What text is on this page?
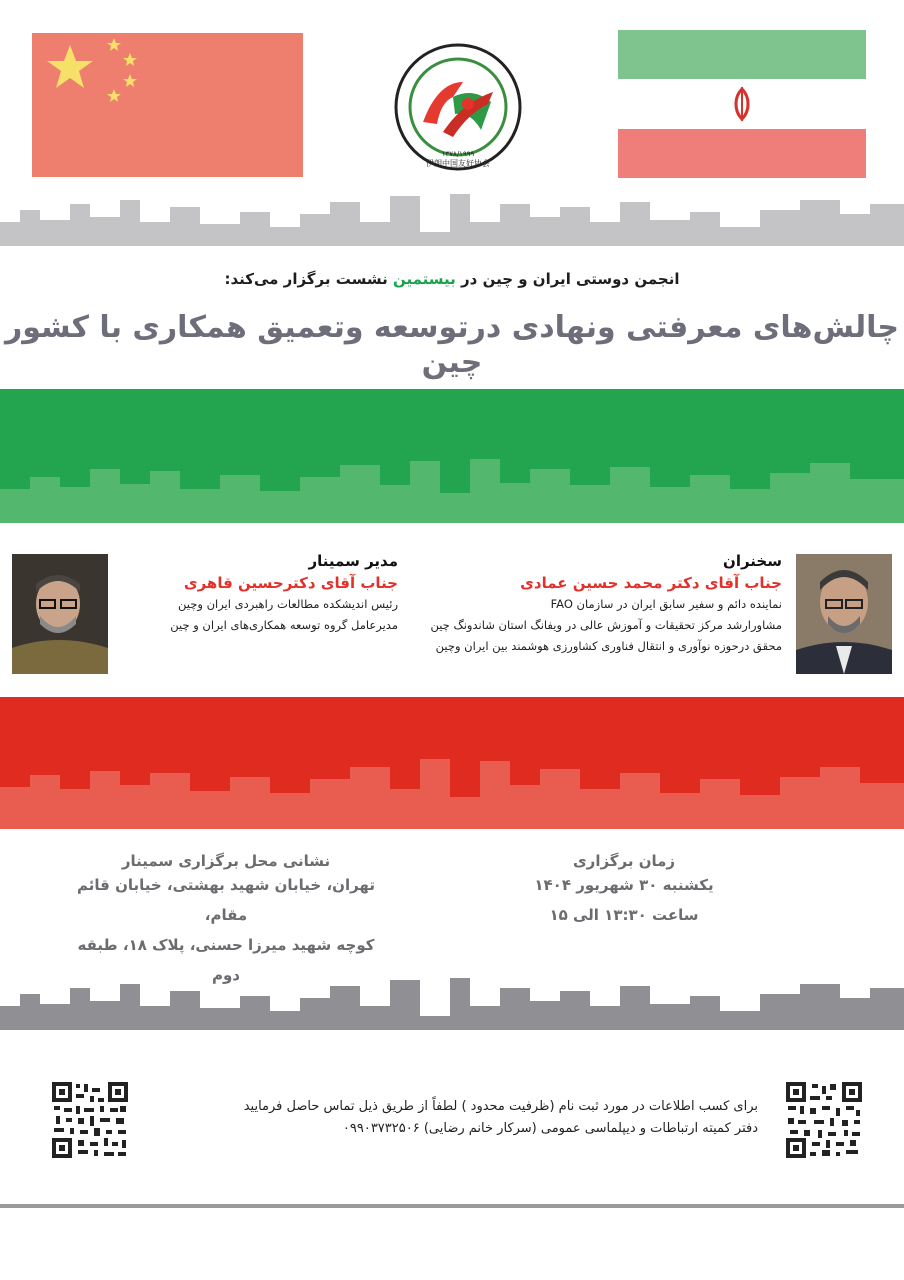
۱۳۷۸/۱۹۹۹
伊朗中国友好协会
انجمن دوستی ایران و چین در بیستمین نشست برگزار می‌کند:
چالش‌های معرفتی ونهادی درتوسعه وتعمیق همکاری با کشور چین
سخنران
جناب آقای دکتر محمد حسین عمادی
نماینده دائم و سفیر سابق ایران در سازمان FAO
مشاورارشد مرکز تحقیقات و آموزش عالی در ویفانگ استان شاندونگ چین
محقق درحوزه نوآوری و انتقال فناوری کشاورزی هوشمند بین ایران وچین
مدیر سمینار
جناب آقای دکترحسین قاهری
رئیس اندیشکده مطالعات راهبردی ایران وچین
مدیرعامل گروه توسعه همکاری‌های ایران و چین
زمان برگزاری
یکشنبه ۳۰ شهریور ۱۴۰۴
ساعت ۱۳:۳۰ الی ۱۵
نشانی محل برگزاری سمینار
تهران، خیابان شهید بهشتی، خیابان قائم مقام،
کوچه شهید میرزا حسنی، پلاک ۱۸، طبقه دوم
برای کسب اطلاعات در مورد ثبت نام (ظرفیت محدود ) لطفاً از طریق ذیل تماس حاصل فرمایید
دفتر کمیته ارتباطات و دیپلماسی عمومی (سرکار خانم رضایی) ۰۹۹۰۳۷۳۲۵۰۶
